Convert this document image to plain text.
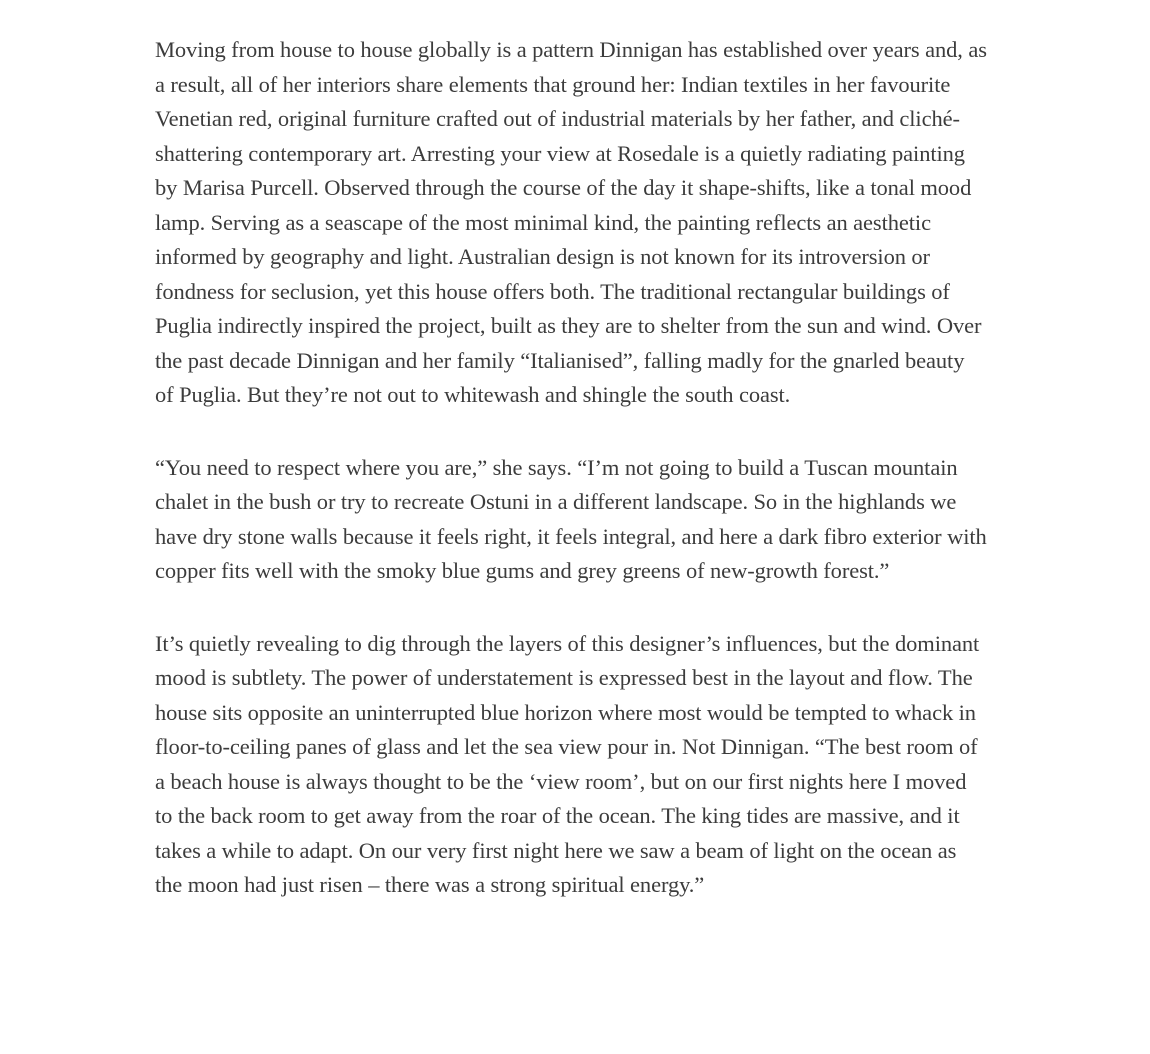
Moving from house to house globally is a pattern Dinnigan has established over years and, as a result, all of her interiors share elements that ground her: Indian textiles in her favourite Venetian red, original furniture crafted out of industrial materials by her father, and cliché-shattering contemporary art. Arresting your view at Rosedale is a quietly radiating painting by Marisa Purcell. Observed through the course of the day it shape-shifts, like a tonal mood lamp. Serving as a seascape of the most minimal kind, the painting reflects an aesthetic informed by geography and light. Australian design is not known for its introversion or fondness for seclusion, yet this house offers both. The traditional rectangular buildings of Puglia indirectly inspired the project, built as they are to shelter from the sun and wind. Over the past decade Dinnigan and her family “Italianised”, falling madly for the gnarled beauty of Puglia. But they’re not out to whitewash and shingle the south coast.

“You need to respect where you are,” she says. “I’m not going to build a Tuscan mountain chalet in the bush or try to recreate Ostuni in a different landscape. So in the highlands we have dry stone walls because it feels right, it feels integral, and here a dark fibro exterior with copper fits well with the smoky blue gums and grey greens of new-growth forest.”

It’s quietly revealing to dig through the layers of this designer’s influences, but the dominant mood is subtlety. The power of understatement is expressed best in the layout and flow. The house sits opposite an uninterrupted blue horizon where most would be tempted to whack in floor-to-ceiling panes of glass and let the sea view pour in. Not Dinnigan. “The best room of a beach house is always thought to be the ‘view room’, but on our first nights here I moved to the back room to get away from the roar of the ocean. The king tides are massive, and it takes a while to adapt. On our very first night here we saw a beam of light on the ocean as the moon had just risen – there was a strong spiritual energy.”
